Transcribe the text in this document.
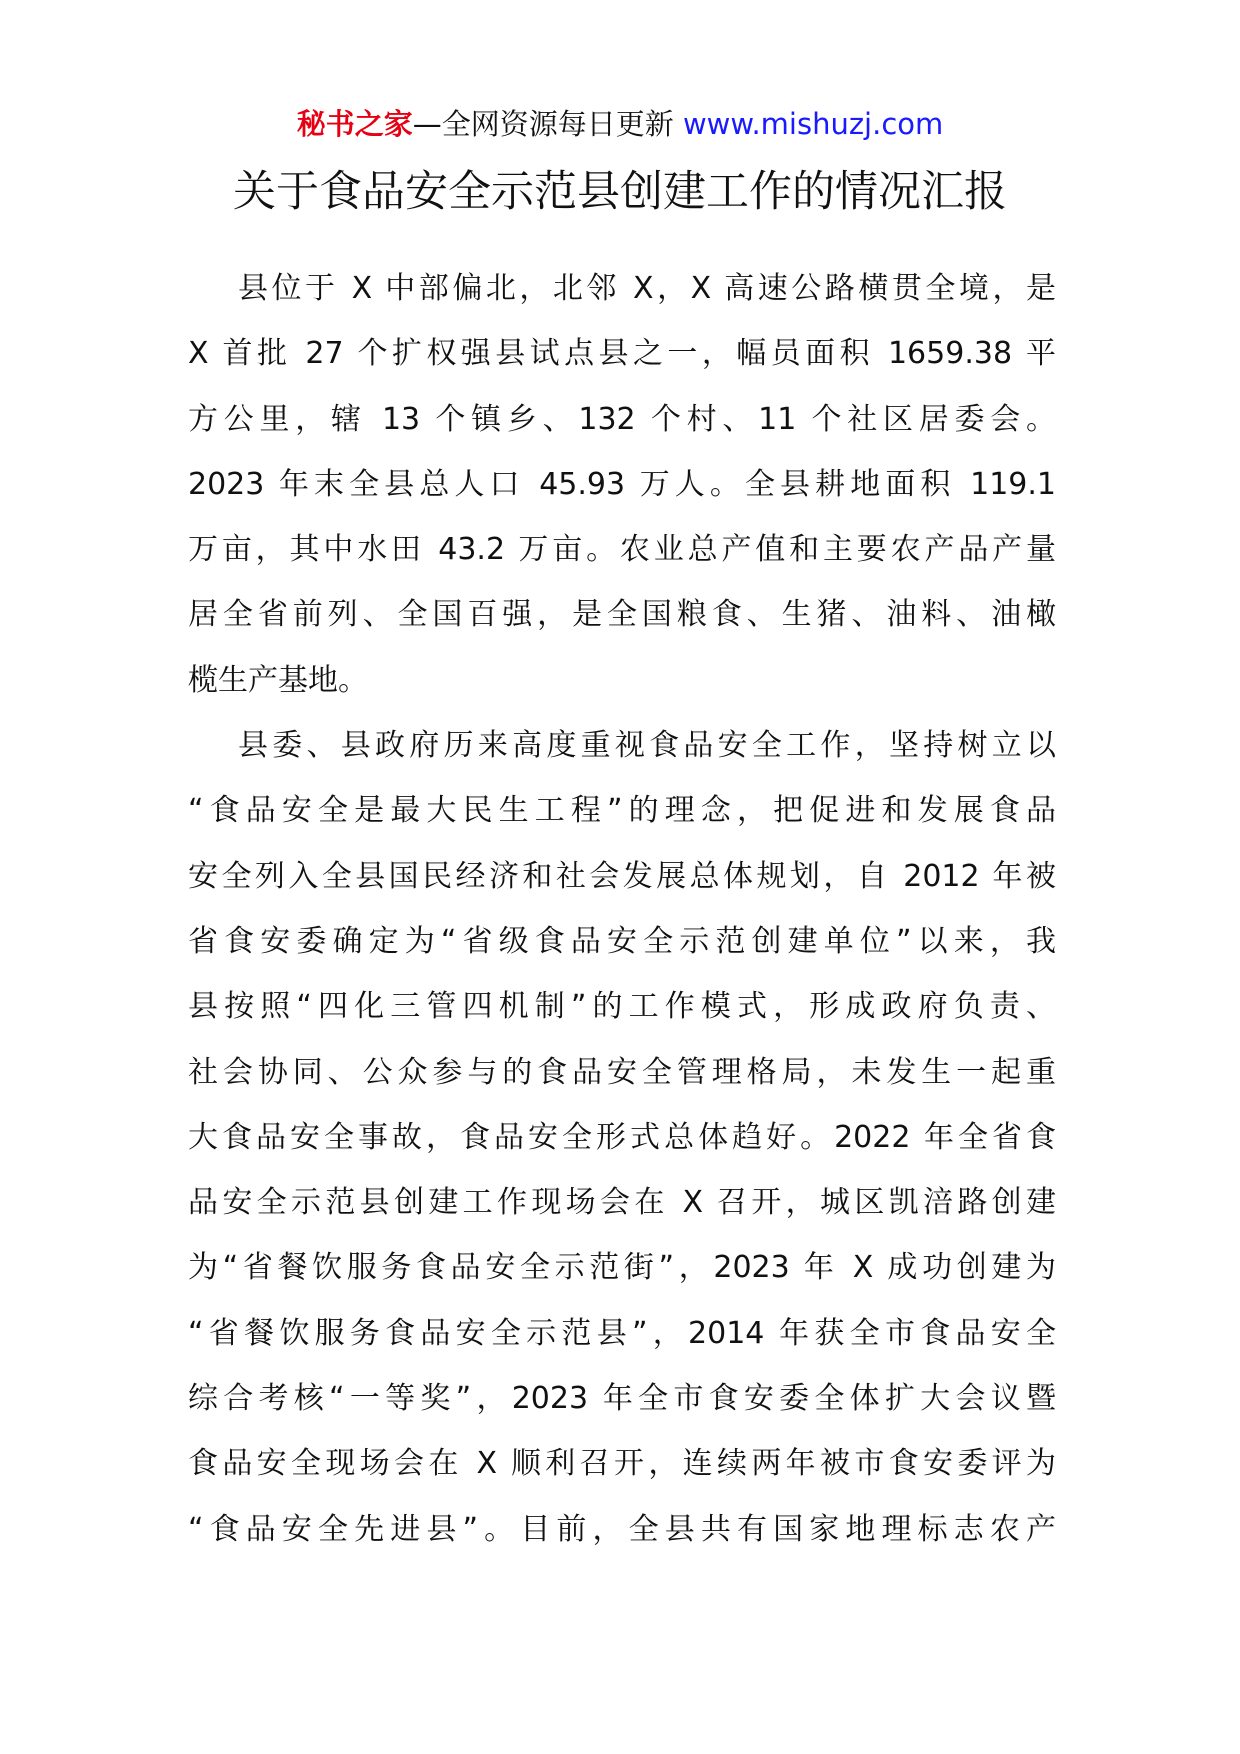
秘书之家—全网资源每日更新 www.mishuzj.com
关于食品安全示范县创建工作的情况汇报
县位于 X 中部偏北，北邻 X，X 高速公路横贯全境，是
X 首批 27 个扩权强县试点县之一，幅员面积 1659.38 平
方公里，辖 13 个镇乡、132 个村、11 个社区居委会。
2023 年末全县总人口 45.93 万人。全县耕地面积 119.1
万亩，其中水田 43.2 万亩。农业总产值和主要农产品产量
居全省前列、全国百强，是全国粮食、生猪、油料、油橄
榄生产基地。
县委、县政府历来高度重视食品安全工作，坚持树立以
“食品安全是最大民生工程”的理念，把促进和发展食品
安全列入全县国民经济和社会发展总体规划，自 2012 年被
省食安委确定为“省级食品安全示范创建单位”以来，我
县按照“四化三管四机制”的工作模式，形成政府负责、
社会协同、公众参与的食品安全管理格局，未发生一起重
大食品安全事故，食品安全形式总体趋好。2022 年全省食
品安全示范县创建工作现场会在 X 召开，城区凯涪路创建
为“省餐饮服务食品安全示范街”，2023 年 X 成功创建为
“省餐饮服务食品安全示范县”，2014 年获全市食品安全
综合考核“一等奖”，2023 年全市食安委全体扩大会议暨
食品安全现场会在 X 顺利召开，连续两年被市食安委评为
“食品安全先进县”。目前，全县共有国家地理标志农产
